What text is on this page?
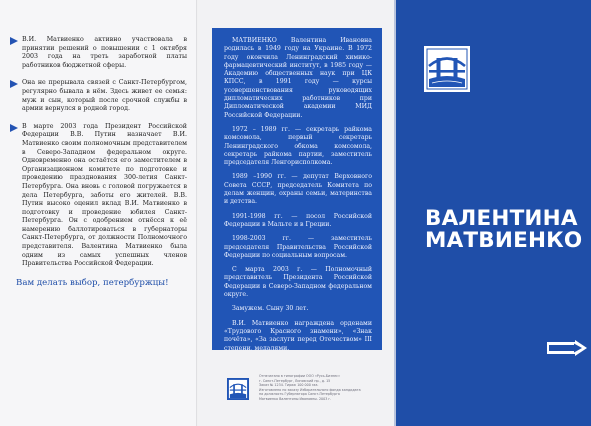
В.И. Матвиенко активно участвовала в принятии решений о повышении с 1 октября 2003 года на треть заработной платы работников бюджетной сферы.

Она не прерывала связей с Санкт-Петербургом, регулярно бывала в нём. Здесь живет ее семья: муж и сын, который после срочной службы в армии вернулся в родной город.

В марте 2003 года Президент Российской Федерации В.В. Путин назначает В.И. Матвиенко своим полномочным представителем в Северо-Западном федеральном округе. Одновременно она остаётся его заместителем в Организационном комитете по подготовке и проведению празднования 300-летия Санкт-Петербурга. Она вновь с головой погружается в дела Петербурга, заботы его жителей. В.В. Путин высоко оценил вклад В.И. Матвиенко в подготовку и проведение юбилея Санкт-Петербурга. Он с одобрением отнёсся к её намерению баллотироваться в губернаторы Санкт-Петербурга, от должности Полномочного представителя. Валентина Матвиенко была одним из самых успешных членов Правительства Российской Федерации.

Вам делать выбор, петербуржцы!

МАТВИЕНКО Валентина Ивановна родилась в 1949 году на Украине. В 1972 году окончила Ленинградский химико-фармацевтический институт, в 1985 году — Академию общественных наук при ЦК КПСС, в 1991 году — курсы усовершенствования руководящих дипломатических работников при Дипломатической академии МИД Российской Федерации.

1972 – 1989 гг. — секретарь райкома комсомола, первый секретарь Ленинградского обкома комсомола, секретарь райкома партии, заместитель председателя Ленгорисполкома.

1989 –1990 гг. — депутат Верховного Совета СССР, председатель Комитета по делам женщин, охраны семьи, материнства и детства.

1991-1998 гг. — посол Российской Федерации в Мальте и в Греции.

1998-2003 гг. — заместитель председателя Правительства Российской Федерации по социальным вопросам.

С марта 2003 г. — Полномочный представитель Президента Российской Федерации в Северо-Западном федеральном округе.

Замужем. Сыну 30 лет.

В.И. Матвиенко награждена орденами «Трудового Красного знамени», «Знак почёта», «За заслуги перед Отечеством» III степени, медалями.

Отпечатано в типографии ООО «Русь-Бизнес»
г. Санкт-Петербург, Лиговский пр., д. 15
Заказ № 1234. Тираж 100 000 экз.
Изготовлено по заказу Избирательного фонда кандидата
на должность Губернатора Санкт-Петербурга
Матвиенко Валентины Ивановны. 2003 г.
ВАЛЕНТИНА
МАТВИЕНКО
